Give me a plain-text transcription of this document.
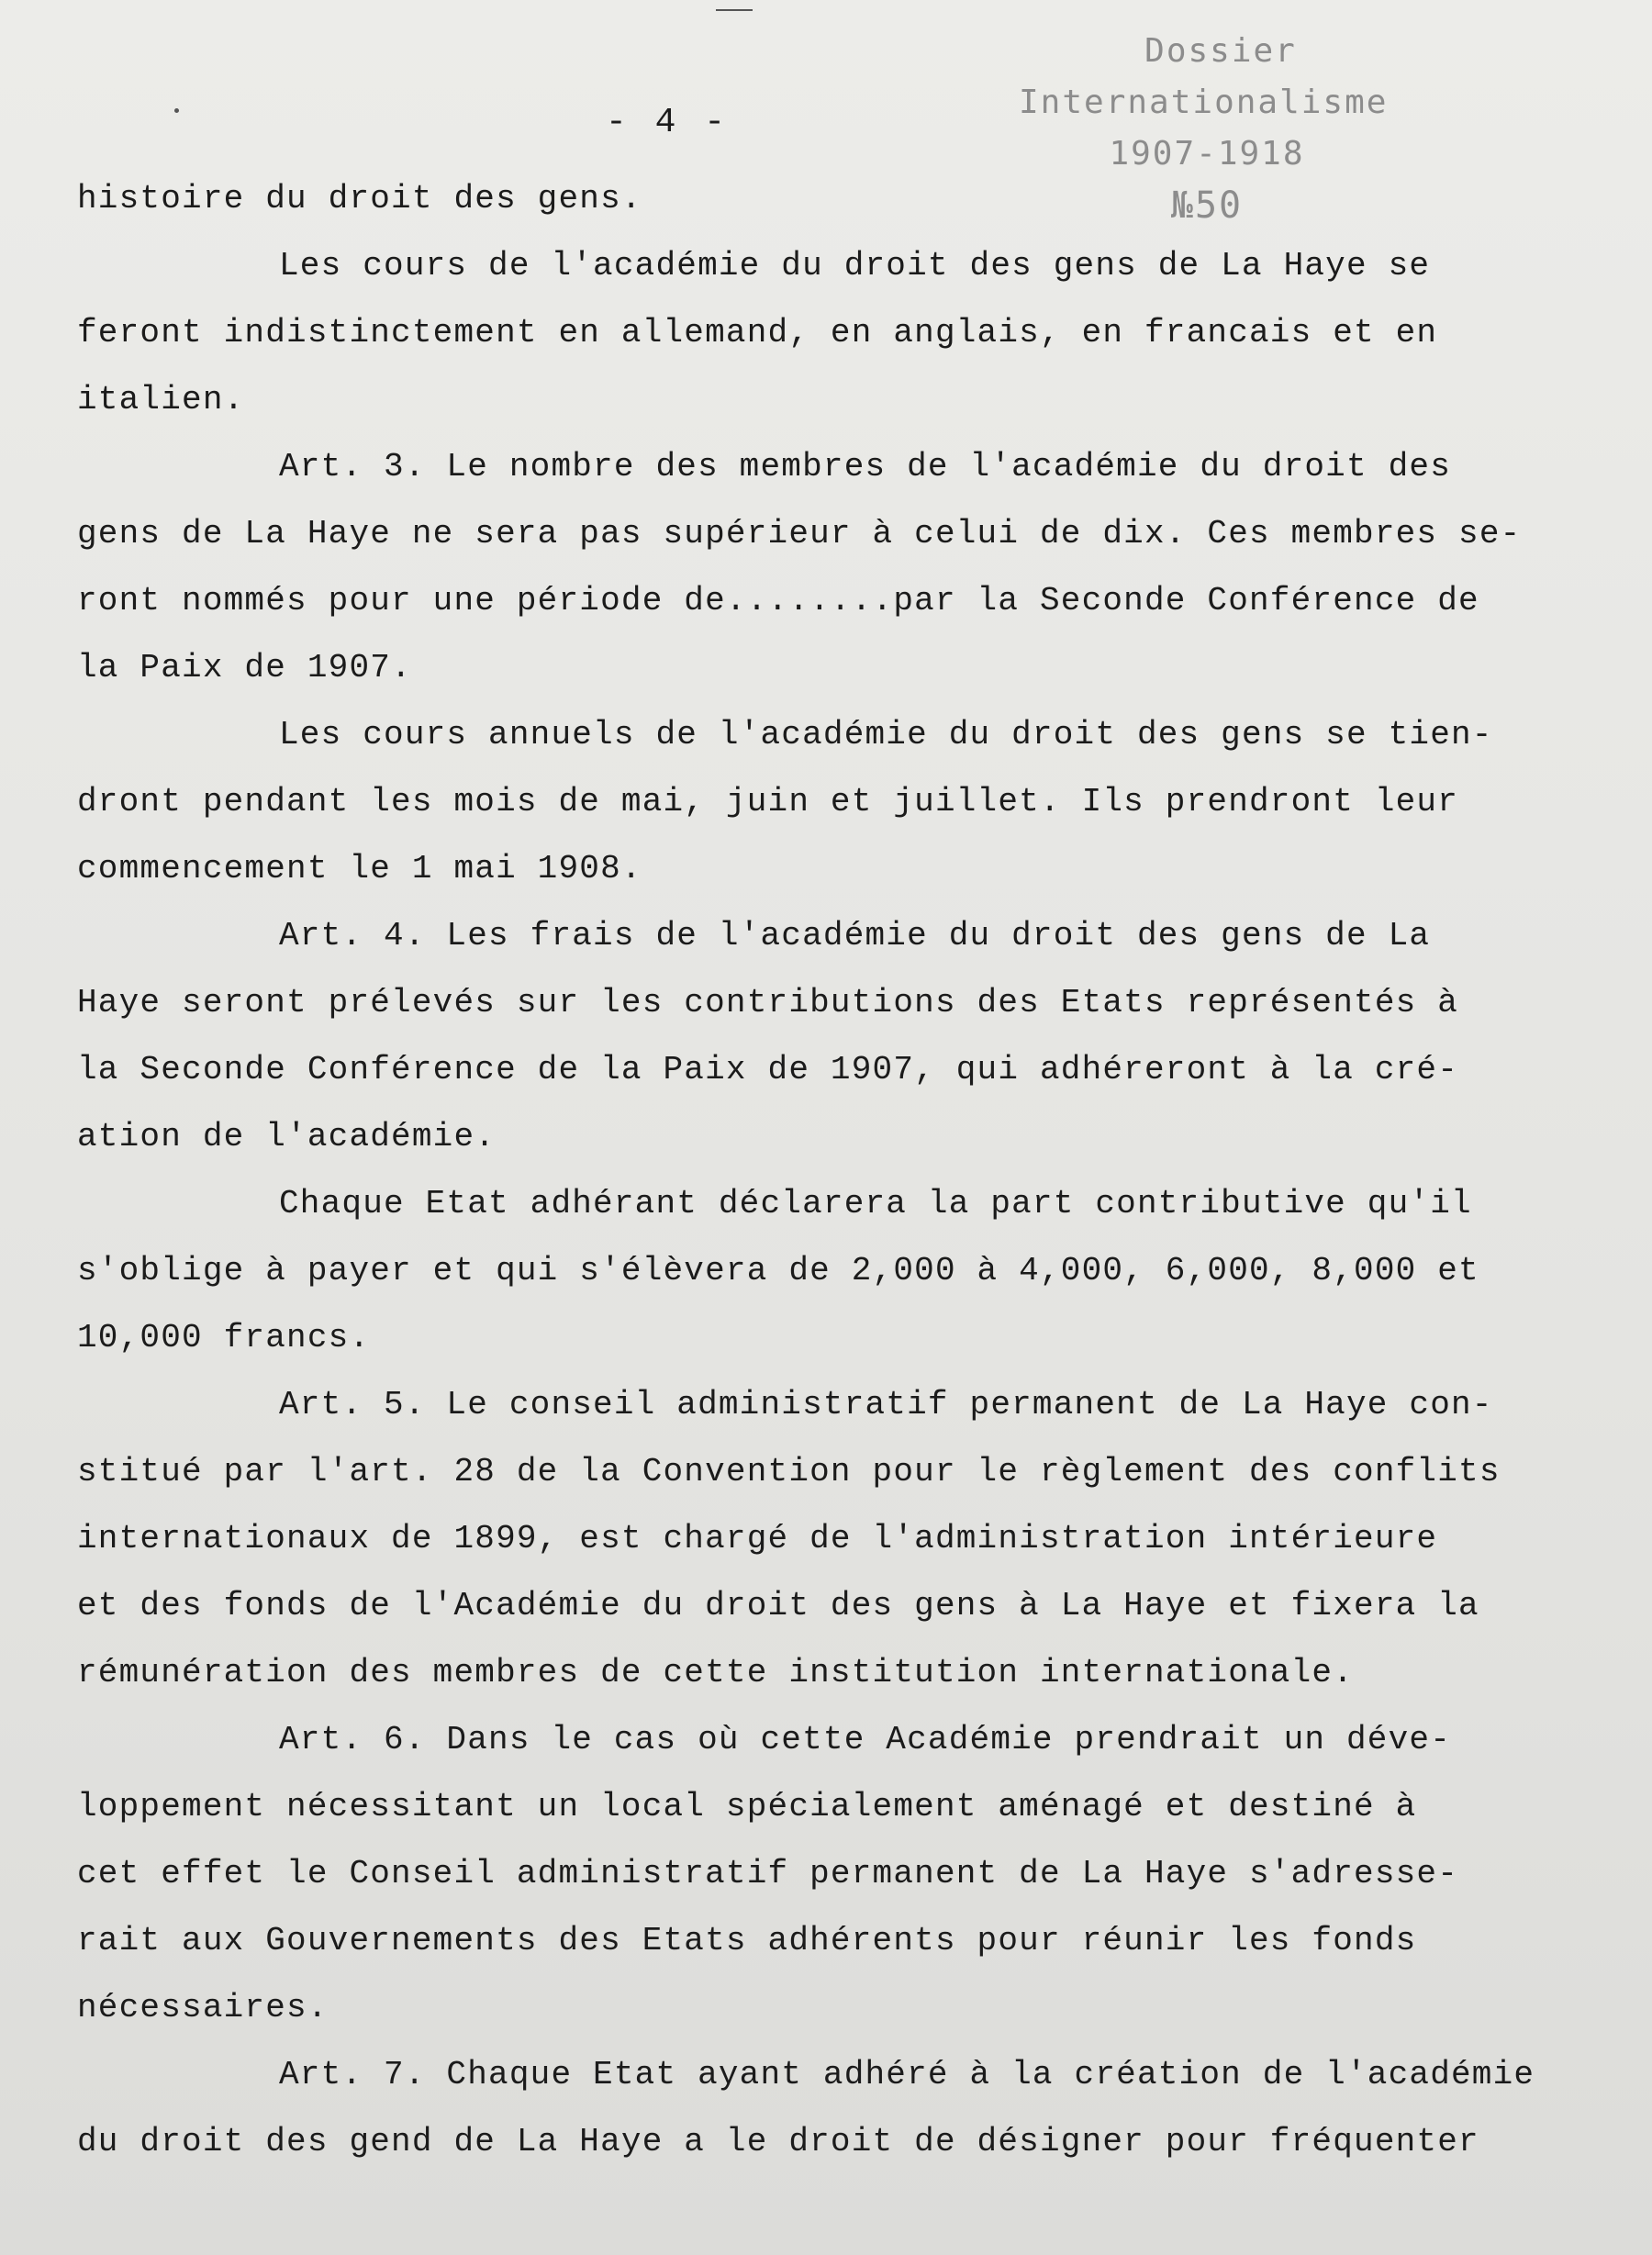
Dossier
Internationalisme
1907-1918
№50
- 4 -

histoire du droit des gens.

Les cours de l'académie du droit des gens de La Haye se

feront indistinctement en allemand, en anglais, en francais et en

italien.

Art. 3. Le nombre des membres de l'académie du droit des

gens de La Haye ne sera pas supérieur à celui de dix. Ces membres se-

ront nommés pour une période de........par la Seconde Conférence de

la Paix de 1907.

Les cours annuels de l'académie du droit des gens se tien-

dront pendant les mois de mai, juin et juillet. Ils prendront leur

commencement le 1 mai 1908.

Art. 4. Les frais de l'académie du droit des gens de La

Haye seront prélevés sur les contributions des Etats représentés à

la Seconde Conférence de la Paix de 1907, qui adhéreront à la cré-

ation de l'académie.

Chaque Etat adhérant déclarera la part contributive qu'il

s'oblige à payer et qui s'élèvera de 2,000 à 4,000, 6,000, 8,000 et

10,000 francs.

Art. 5. Le conseil administratif permanent de La Haye con-

stitué par l'art. 28 de la Convention pour le règlement des conflits

internationaux de 1899, est chargé de l'administration intérieure

et des fonds de l'Académie du droit des gens à La Haye et fixera la

rémunération des membres de cette institution internationale.

Art. 6. Dans le cas où cette Académie prendrait un déve-

loppement nécessitant un local spécialement aménagé et destiné à

cet effet le Conseil administratif permanent de La Haye s'adresse-

rait aux Gouvernements des Etats adhérents pour réunir les fonds

nécessaires.

Art. 7. Chaque Etat ayant adhéré à la création de l'académie

du droit des gend de La Haye a le droit de désigner pour fréquenter
